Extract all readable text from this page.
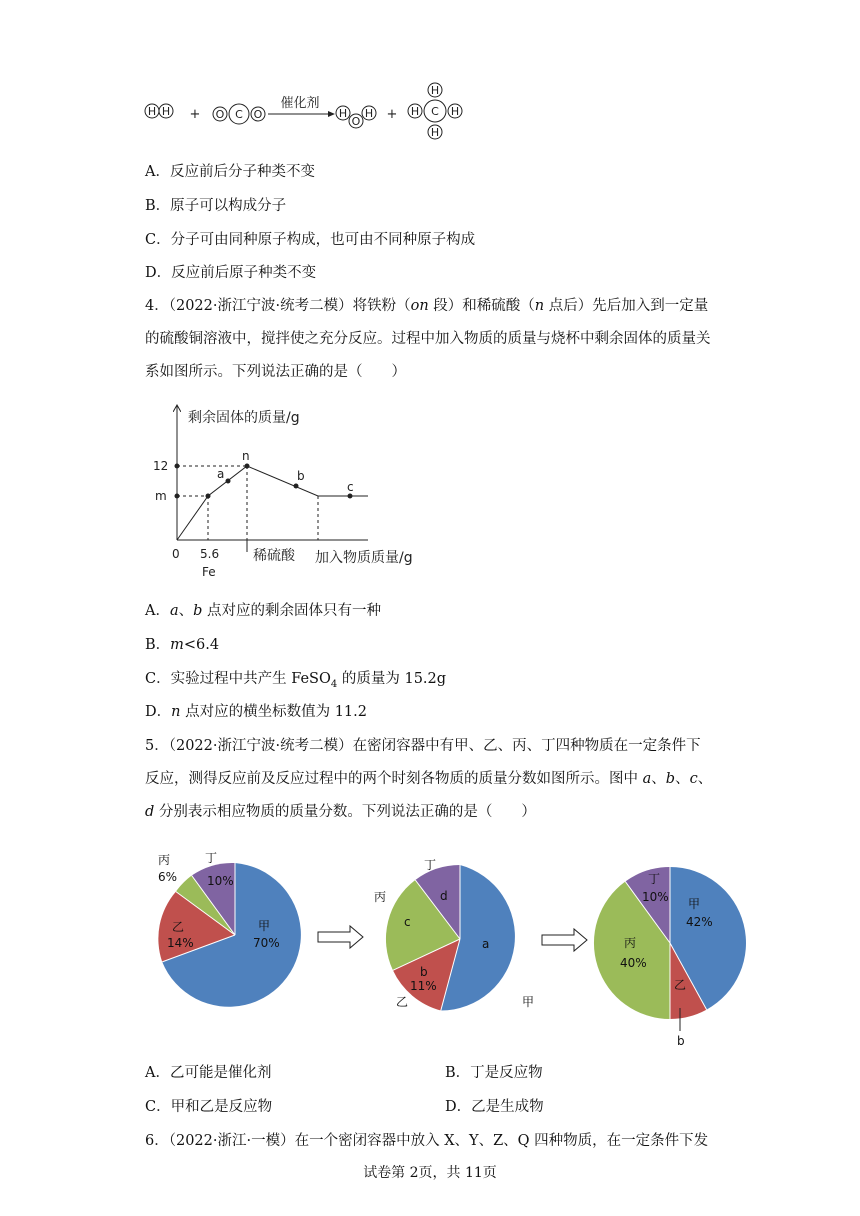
H H	O C O	H
O
H
H
H C H
H
+	+
催化剂
A．反应前后分子种类不变
B．原子可以构成分子
C．分子可由同种原子构成，也可由不同种原子构成
D．反应前后原子种类不变
4．（2022·浙江宁波·统考二模）将铁粉（on 段）和稀硫酸（n 点后）先后加入到一定量的硫酸铜溶液中，搅拌使之充分反应。过程中加入物质的质量与烧杯中剩余固体的质量关系如图所示。下列说法正确的是（　　）
剩余固体的质量/g
12
m
0 5.6
Fe
稀硫酸 加入物质质量/g
a
n
b
c
A．a、b 点对应的剩余固体只有一种
B．m<6.4
C．实验过程中共产生 FeSO$_4$ 的质量为 15.2g
D．n 点对应的横坐标数值为 11.2
5．（2022·浙江宁波·统考二模）在密闭容器中有甲、乙、丙、丁四种物质在一定条件下反应，测得反应前及反应过程中的两个时刻各物质的质量分数如图所示。图中 a、b、c、d 分别表示相应物质的质量分数。下列说法正确的是（　　）
甲
70%
乙
14%
丙
6%
丁
10%
a
甲
b
11%
乙
c
丙	d
丁
甲
42%
丙
40%
丁
10%
乙
b
A．乙可能是催化剂	B．丁是反应物
C．甲和乙是反应物	D．乙是生成物
6．（2022·浙江·一模）在一个密闭容器中放入 X、Y、Z、Q 四种物质，在一定条件下发
试卷第 2页，共 11页
